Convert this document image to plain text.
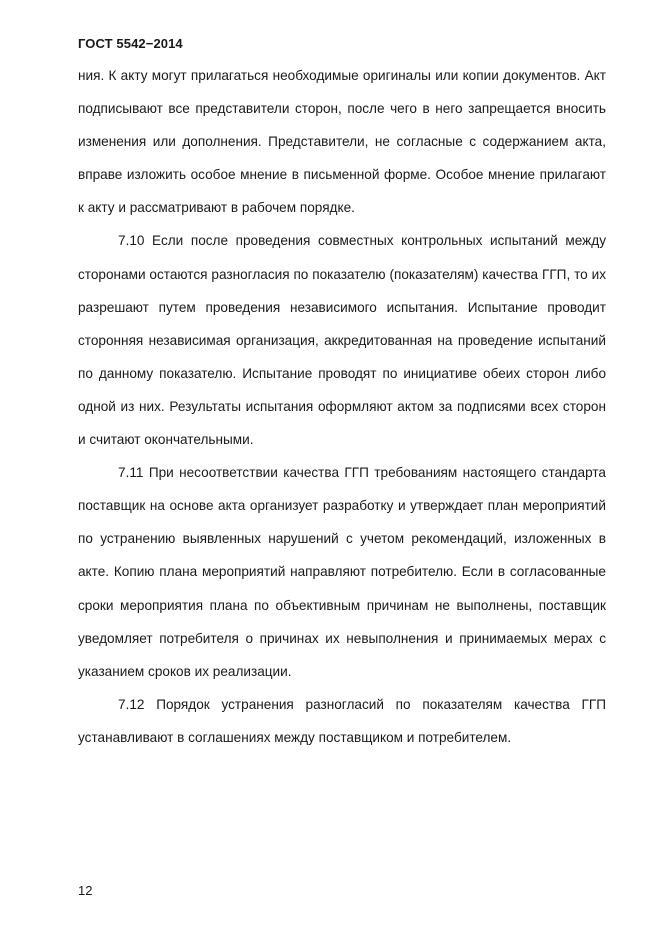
ГОСТ 5542−2014

ния. К акту могут прилагаться необходимые оригиналы или копии документов. Акт подписывают все представители сторон, после чего в него запрещается вносить изменения или дополнения. Представители, не согласные с содержанием акта, вправе изложить особое мнение в письменной форме. Особое мнение прилагают к акту и рассматривают в рабочем порядке.

7.10 Если после проведения совместных контрольных испытаний между сторонами остаются разногласия по показателю (показателям) качества ГГП, то их разрешают путем проведения независимого испытания. Испытание проводит сторонняя независимая организация, аккредитованная на проведение испытаний по данному показателю. Испытание проводят по инициативе обеих сторон либо одной из них. Результаты испытания оформляют актом за подписями всех сторон и считают окончательными.

7.11 При несоответствии качества ГГП требованиям настоящего стандарта поставщик на основе акта организует разработку и утверждает план мероприятий по устранению выявленных нарушений с учетом рекомендаций, изложенных в акте. Копию плана мероприятий направляют потребителю. Если в согласованные сроки мероприятия плана по объективным причинам не выполнены, поставщик уведомляет потребителя о причинах их невыполнения и принимаемых мерах с указанием сроков их реализации.

7.12 Порядок устранения разногласий по показателям качества ГГП устанавливают в соглашениях между поставщиком и потребителем.

12
